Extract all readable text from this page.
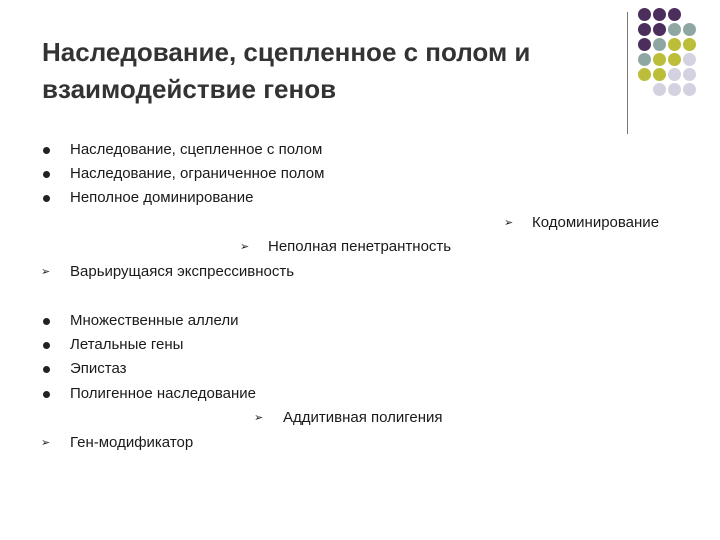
Наследование, сцепленное с полом и
взаимодействие генов
Наследование, сцепленное с полом
Наследование, ограниченное полом
Неполное доминирование
➢ Кодоминирование
➢ Неполная пенетрантность
➢ Варьирущаяся экспрессивность
Множественные аллели
Летальные гены
Эпистаз
Полигенное наследование
➢ Аддитивная полигения
➢ Ген-модификатор
